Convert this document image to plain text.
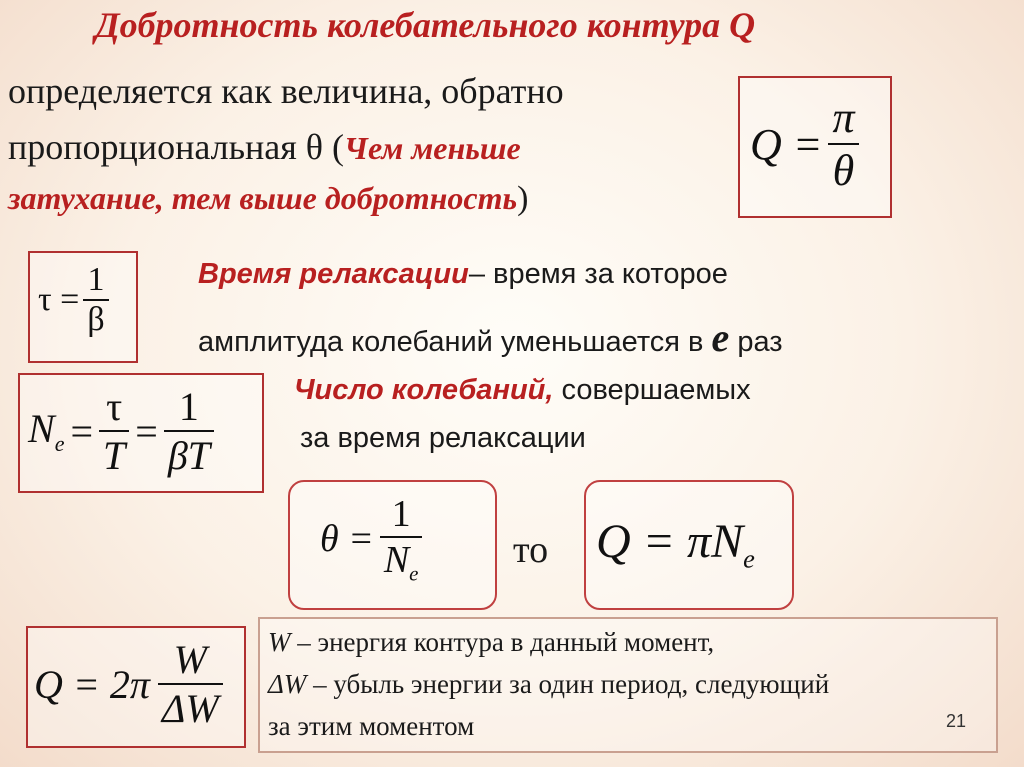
Добротность колебательного контура Q
определяется как величина, обратно
пропорциональная θ (Чем меньше
затухание, тем выше добротность)
$Q = \frac{\pi}{\theta}$
$\tau = \frac{1}{\beta}$	Время релаксации– время за которое
амплитуда колебаний уменьшается в e раз
$N_e = \frac{\tau}{T} = \frac{1}{\beta T}$	Число колебаний, совершаемых
за время релаксации
$\theta = \frac{1}{N_e}$ то $Q = \pi N_e$
$Q = 2\pi \frac{W}{\Delta W}$ W – энергия контура в данный момент,
ΔW – убыль энергии за один период, следующий
за этим моментом	21
